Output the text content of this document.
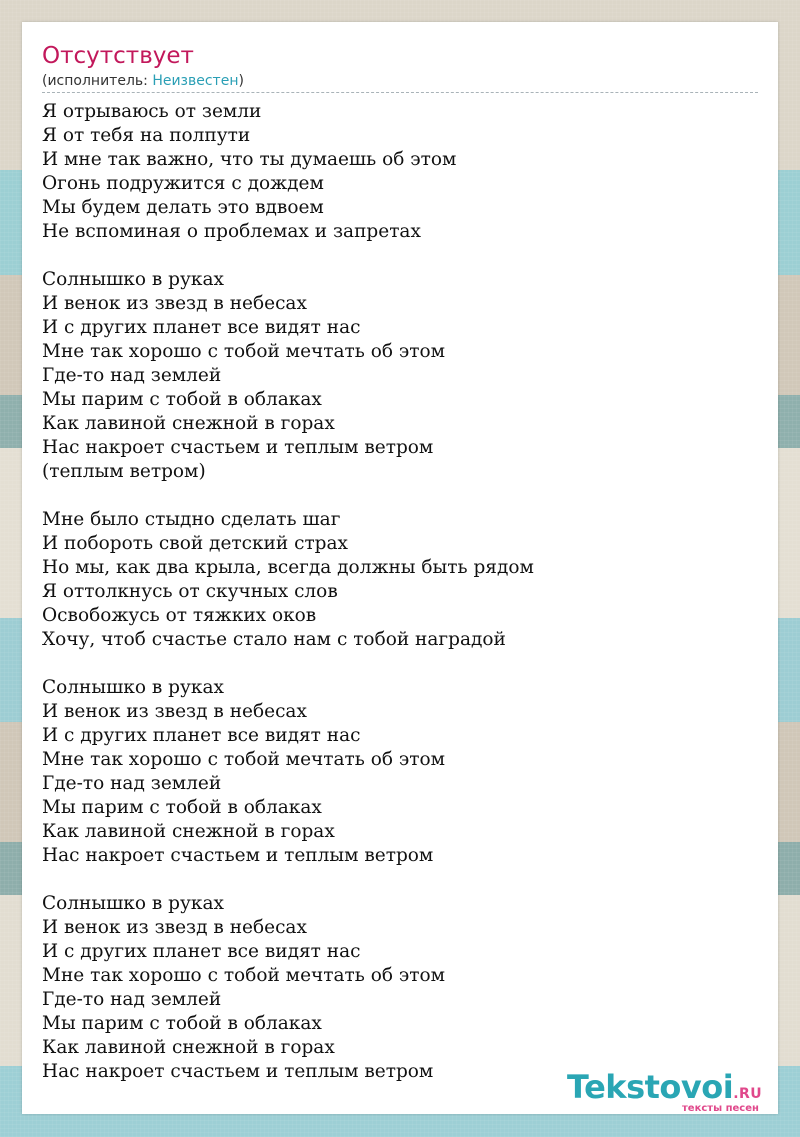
Отсутствует
(исполнитель: Неизвестен)
Я отрываюсь от земли
Я от тебя на полпути
И мне так важно, что ты думаешь об этом
Огонь подружится с дождем
Мы будем делать это вдвоем
Не вспоминая о проблемах и запретах
Солнышко в руках
И венок из звезд в небесах
И с других планет все видят нас
Мне так хорошо с тобой мечтать об этом
Где-то над землей
Мы парим с тобой в облаках
Как лавиной снежной в горах
Нас накроет счастьем и теплым ветром
(теплым ветром)
Мне было стыдно сделать шаг
И побороть свой детский страх
Но мы, как два крыла, всегда должны быть рядом
Я оттолкнусь от скучных слов
Освобожусь от тяжких оков
Хочу, чтоб счастье стало нам с тобой наградой
Солнышко в руках
И венок из звезд в небесах
И с других планет все видят нас
Мне так хорошо с тобой мечтать об этом
Где-то над землей
Мы парим с тобой в облаках
Как лавиной снежной в горах
Нас накроет счастьем и теплым ветром
Солнышко в руках
И венок из звезд в небесах
И с других планет все видят нас
Мне так хорошо с тобой мечтать об этом
Где-то над землей
Мы парим с тобой в облаках
Как лавиной снежной в горах
Нас накроет счастьем и теплым ветром	Tekstovoi.RU
тексты песен
